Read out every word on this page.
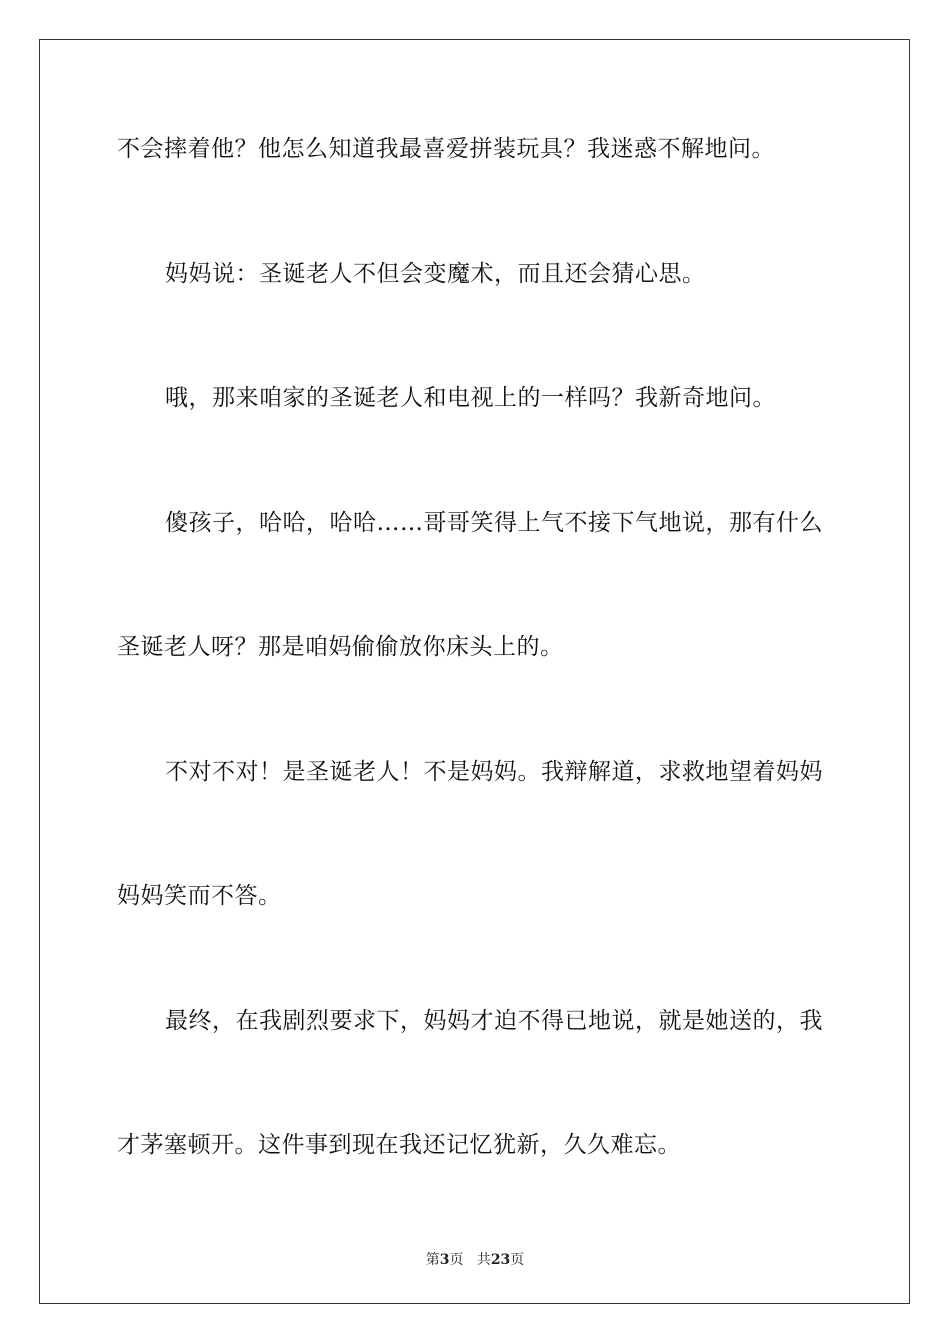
不会摔着他？他怎么知道我最喜爱拼装玩具？我迷惑不解地问。
妈妈说：圣诞老人不但会变魔术，而且还会猜心思。
哦，那来咱家的圣诞老人和电视上的一样吗？我新奇地问。
傻孩子，哈哈，哈哈……哥哥笑得上气不接下气地说，那有什么
圣诞老人呀？那是咱妈偷偷放你床头上的。
不对不对！是圣诞老人！不是妈妈。我辩解道，求救地望着妈妈
妈妈笑而不答。
最终，在我剧烈要求下，妈妈才迫不得已地说，就是她送的，我
才茅塞顿开。这件事到现在我还记忆犹新，久久难忘。
第3页 共23页
